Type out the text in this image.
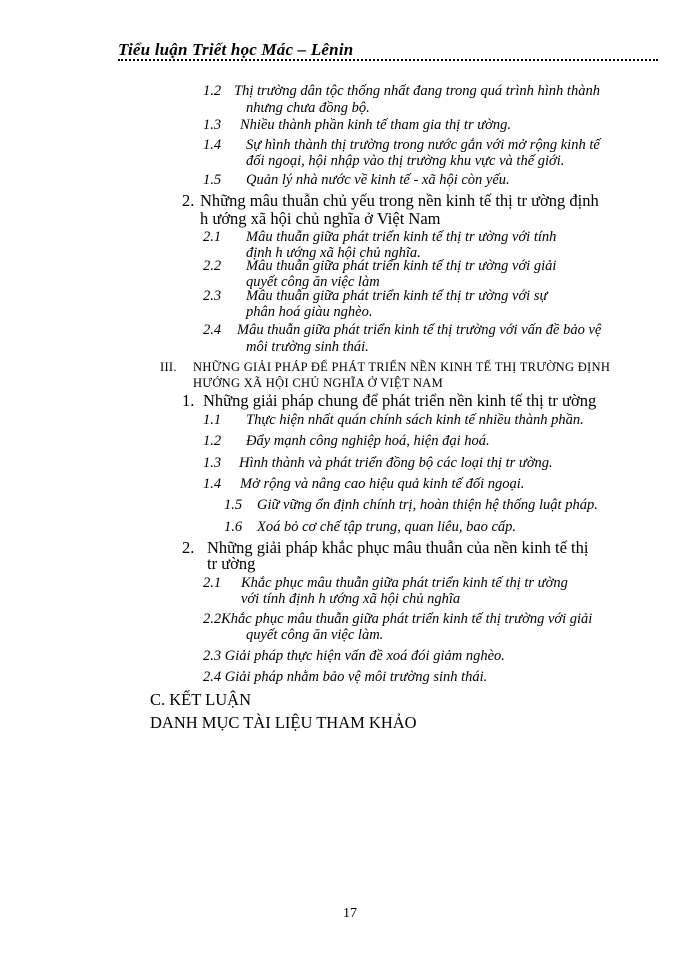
Tiểu luận Triết học Mác – Lênin
1.2 Thị trường dân tộc thống nhất đang trong quá trình hình thành
nhưng chưa đồng bộ.
1.3 Nhiều thành phần kinh tế tham gia thị tr ường.
1.4 Sự hình thành thị trường trong nước gắn với mở rộng kinh tế
đối ngoại, hội nhập vào thị trường khu vực và thế giới.
1.5 Quản lý nhà nước về kinh tế - xã hội còn yếu.
2. Những mâu thuẫn chủ yếu trong nền kinh tế thị tr ường định
h ướng xã hội chủ nghĩa ở Việt Nam
2.1 Mâu thuẫn giữa phát triển kinh tế thị tr ường với tính
định h ướng xã hội chủ nghĩa.
2.2 Mâu thuẫn giữa phát triển kinh tế thị tr ường với giải
quyết công ăn việc làm
2.3 Mâu thuẫn giữa phát triển kinh tế thị tr ường với sự
phân hoá giàu nghèo.
2.4 Mâu thuẫn giữa phát triển kinh tế thị trường với vấn đề bảo vệ
môi trường sinh thái.
III. NHỮNG GIẢI PHÁP ĐỂ PHÁT TRIỂN NỀN KINH TẾ THỊ TRƯỜNG ĐỊNH
HƯỚNG XÃ HỘI CHỦ NGHĨA Ở VIỆT NAM
1. Những giải pháp chung để phát triển nền kinh tế thị tr ường
1.1 Thực hiện nhất quán chính sách kinh tế nhiều thành phần.
1.2 Đẩy mạnh công nghiệp hoá, hiện đại hoá.
1.3 Hình thành và phát triển đồng bộ các loại thị tr ường.
1.4 Mở rộng và nâng cao hiệu quả kinh tế đối ngoại.
1.5 Giữ vững ổn định chính trị, hoàn thiện hệ thống luật pháp.
1.6 Xoá bỏ cơ chế tập trung, quan liêu, bao cấp.
2. Những giải pháp khắc phục mâu thuẫn của nền kinh tế thị
tr ường
2.1 Khắc phục mâu thuẫn giữa phát triển kinh tế thị tr ường
với tính định h ướng xã hội chủ nghĩa
2.2Khắc phục mâu thuẫn giữa phát triển kinh tế thị trường với giải
quyết công ăn việc làm.
2.3 Giải pháp thực hiện vấn đề xoá đói giảm nghèo.
2.4 Giải pháp nhằm bảo vệ môi trường sinh thái.
C. KẾT LUẬN
DANH MỤC TÀI LIỆU THAM KHẢO
17
